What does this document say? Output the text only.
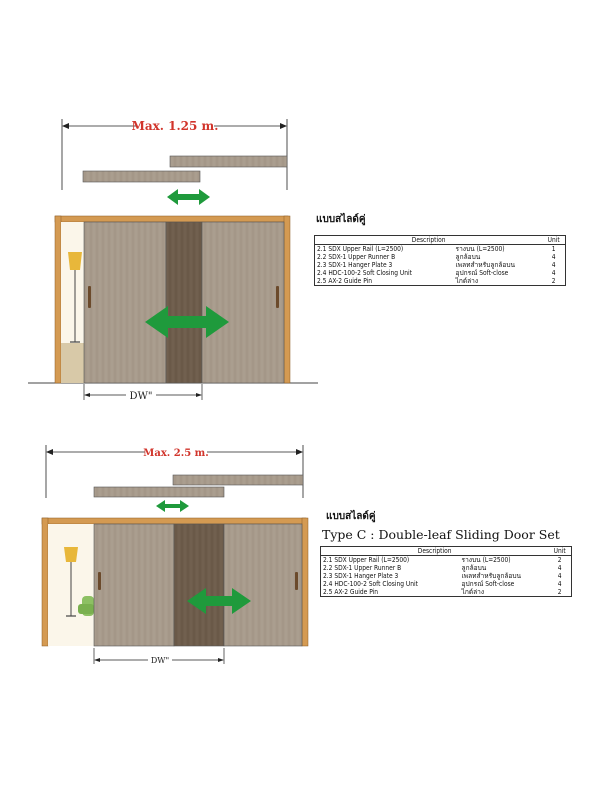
Max. 1.25 m.
DW"
Max. 2.5 m.
DW"
แบบสไลด์คู่
Description		Unit
2.1 SDX Upper Rail (L=2500)	รางบน (L=2500)	1
2.2 SDX-1 Upper Runner B	ลูกล้อบน	4
2.3 SDX-1 Hanger Plate 3	เพลทสำหรับลูกล้อบน	4
2.4 HDC-100-2 Soft Closing Unit	อุปกรณ์ Soft-close	4
2.5 AX-2 Guide Pin	ไกด์ล่าง	2
แบบสไลด์คู่
Type C : Double-leaf Sliding Door Set
Description		Unit
2.1 SDX Upper Rail (L=2500)	รางบน (L=2500)	2
2.2 SDX-1 Upper Runner B	ลูกล้อบน	4
2.3 SDX-1 Hanger Plate 3	เพลทสำหรับลูกล้อบน	4
2.4 HDC-100-2 Soft Closing Unit	อุปกรณ์ Soft-close	4
2.5 AX-2 Guide Pin	ไกด์ล่าง	2
